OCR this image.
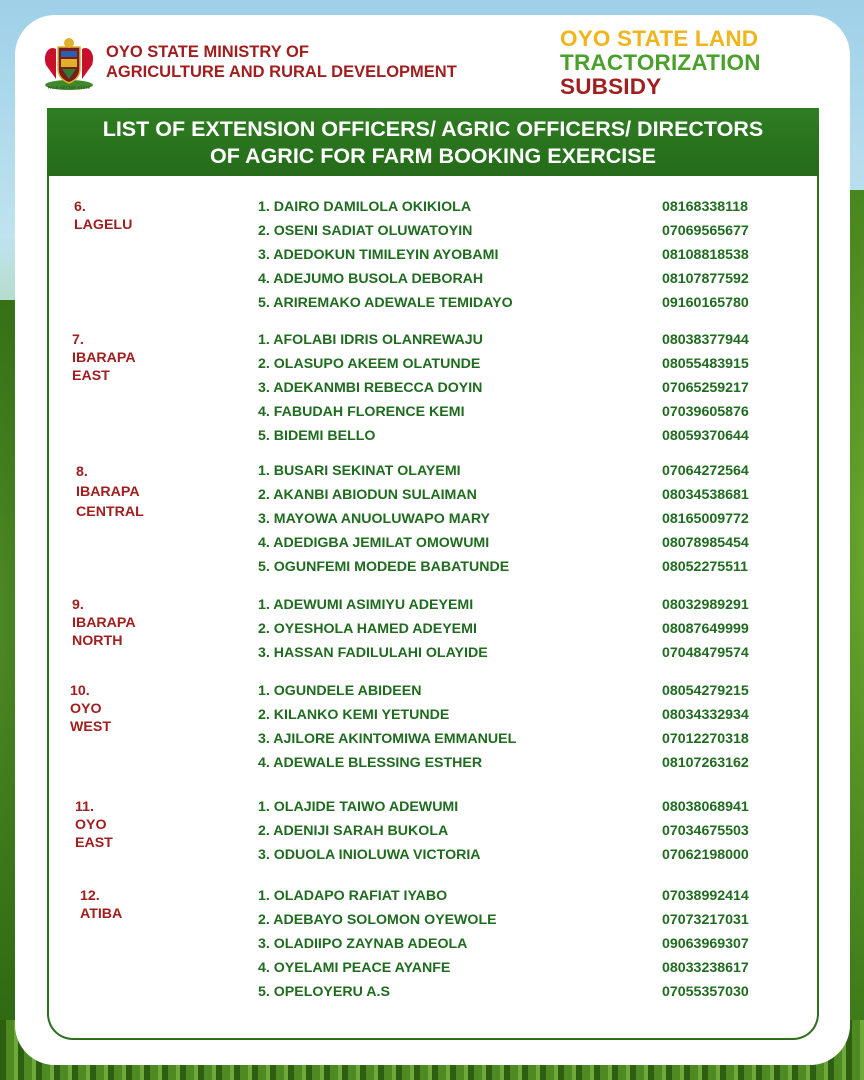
PACE SETTER STATE
OYO STATE MINISTRY OF
AGRICULTURE AND RURAL DEVELOPMENT
OYO STATE LAND
TRACTORIZATION
SUBSIDY
LIST OF EXTENSION OFFICERS/ AGRIC OFFICERS/ DIRECTORS
OF AGRIC FOR FARM BOOKING EXERCISE
6. LAGELU
1. DAIRO DAMILOLA OKIKIOLA	08168338118
2. OSENI SADIAT OLUWATOYIN	07069565677
3. ADEDOKUN TIMILEYIN AYOBAMI	08108818538
4. ADEJUMO BUSOLA DEBORAH	08107877592
5. ARIREMAKO ADEWALE TEMIDAYO	09160165780
7. IBARAPA EAST
1. AFOLABI IDRIS OLANREWAJU	08038377944
2. OLASUPO AKEEM OLATUNDE	08055483915
3. ADEKANMBI REBECCA DOYIN	07065259217
4. FABUDAH FLORENCE KEMI	07039605876
5. BIDEMI BELLO	08059370644
8. IBARAPA
CENTRAL
1. BUSARI SEKINAT OLAYEMI	07064272564
2. AKANBI ABIODUN SULAIMAN	08034538681
3. MAYOWA ANUOLUWAPO MARY	08165009772
4. ADEDIGBA JEMILAT OMOWUMI	08078985454
5. OGUNFEMI MODEDE BABATUNDE	08052275511
9. IBARAPA NORTH
1. ADEWUMI ASIMIYU ADEYEMI	08032989291
2. OYESHOLA HAMED ADEYEMI	08087649999
3. HASSAN FADILULAHI OLAYIDE	07048479574
10. OYO WEST
1. OGUNDELE ABIDEEN	08054279215
2. KILANKO KEMI YETUNDE	08034332934
3. AJILORE AKINTOMIWA EMMANUEL	07012270318
4. ADEWALE BLESSING ESTHER	08107263162
11. OYO EAST
1. OLAJIDE TAIWO ADEWUMI	08038068941
2. ADENIJI SARAH BUKOLA	07034675503
3. ODUOLA INIOLUWA VICTORIA	07062198000
12. ATIBA
1. OLADAPO RAFIAT IYABO	07038992414
2. ADEBAYO SOLOMON OYEWOLE	07073217031
3. OLADIIPO ZAYNAB ADEOLA	09063969307
4. OYELAMI PEACE AYANFE	08033238617
5. OPELOYERU A.S	07055357030
